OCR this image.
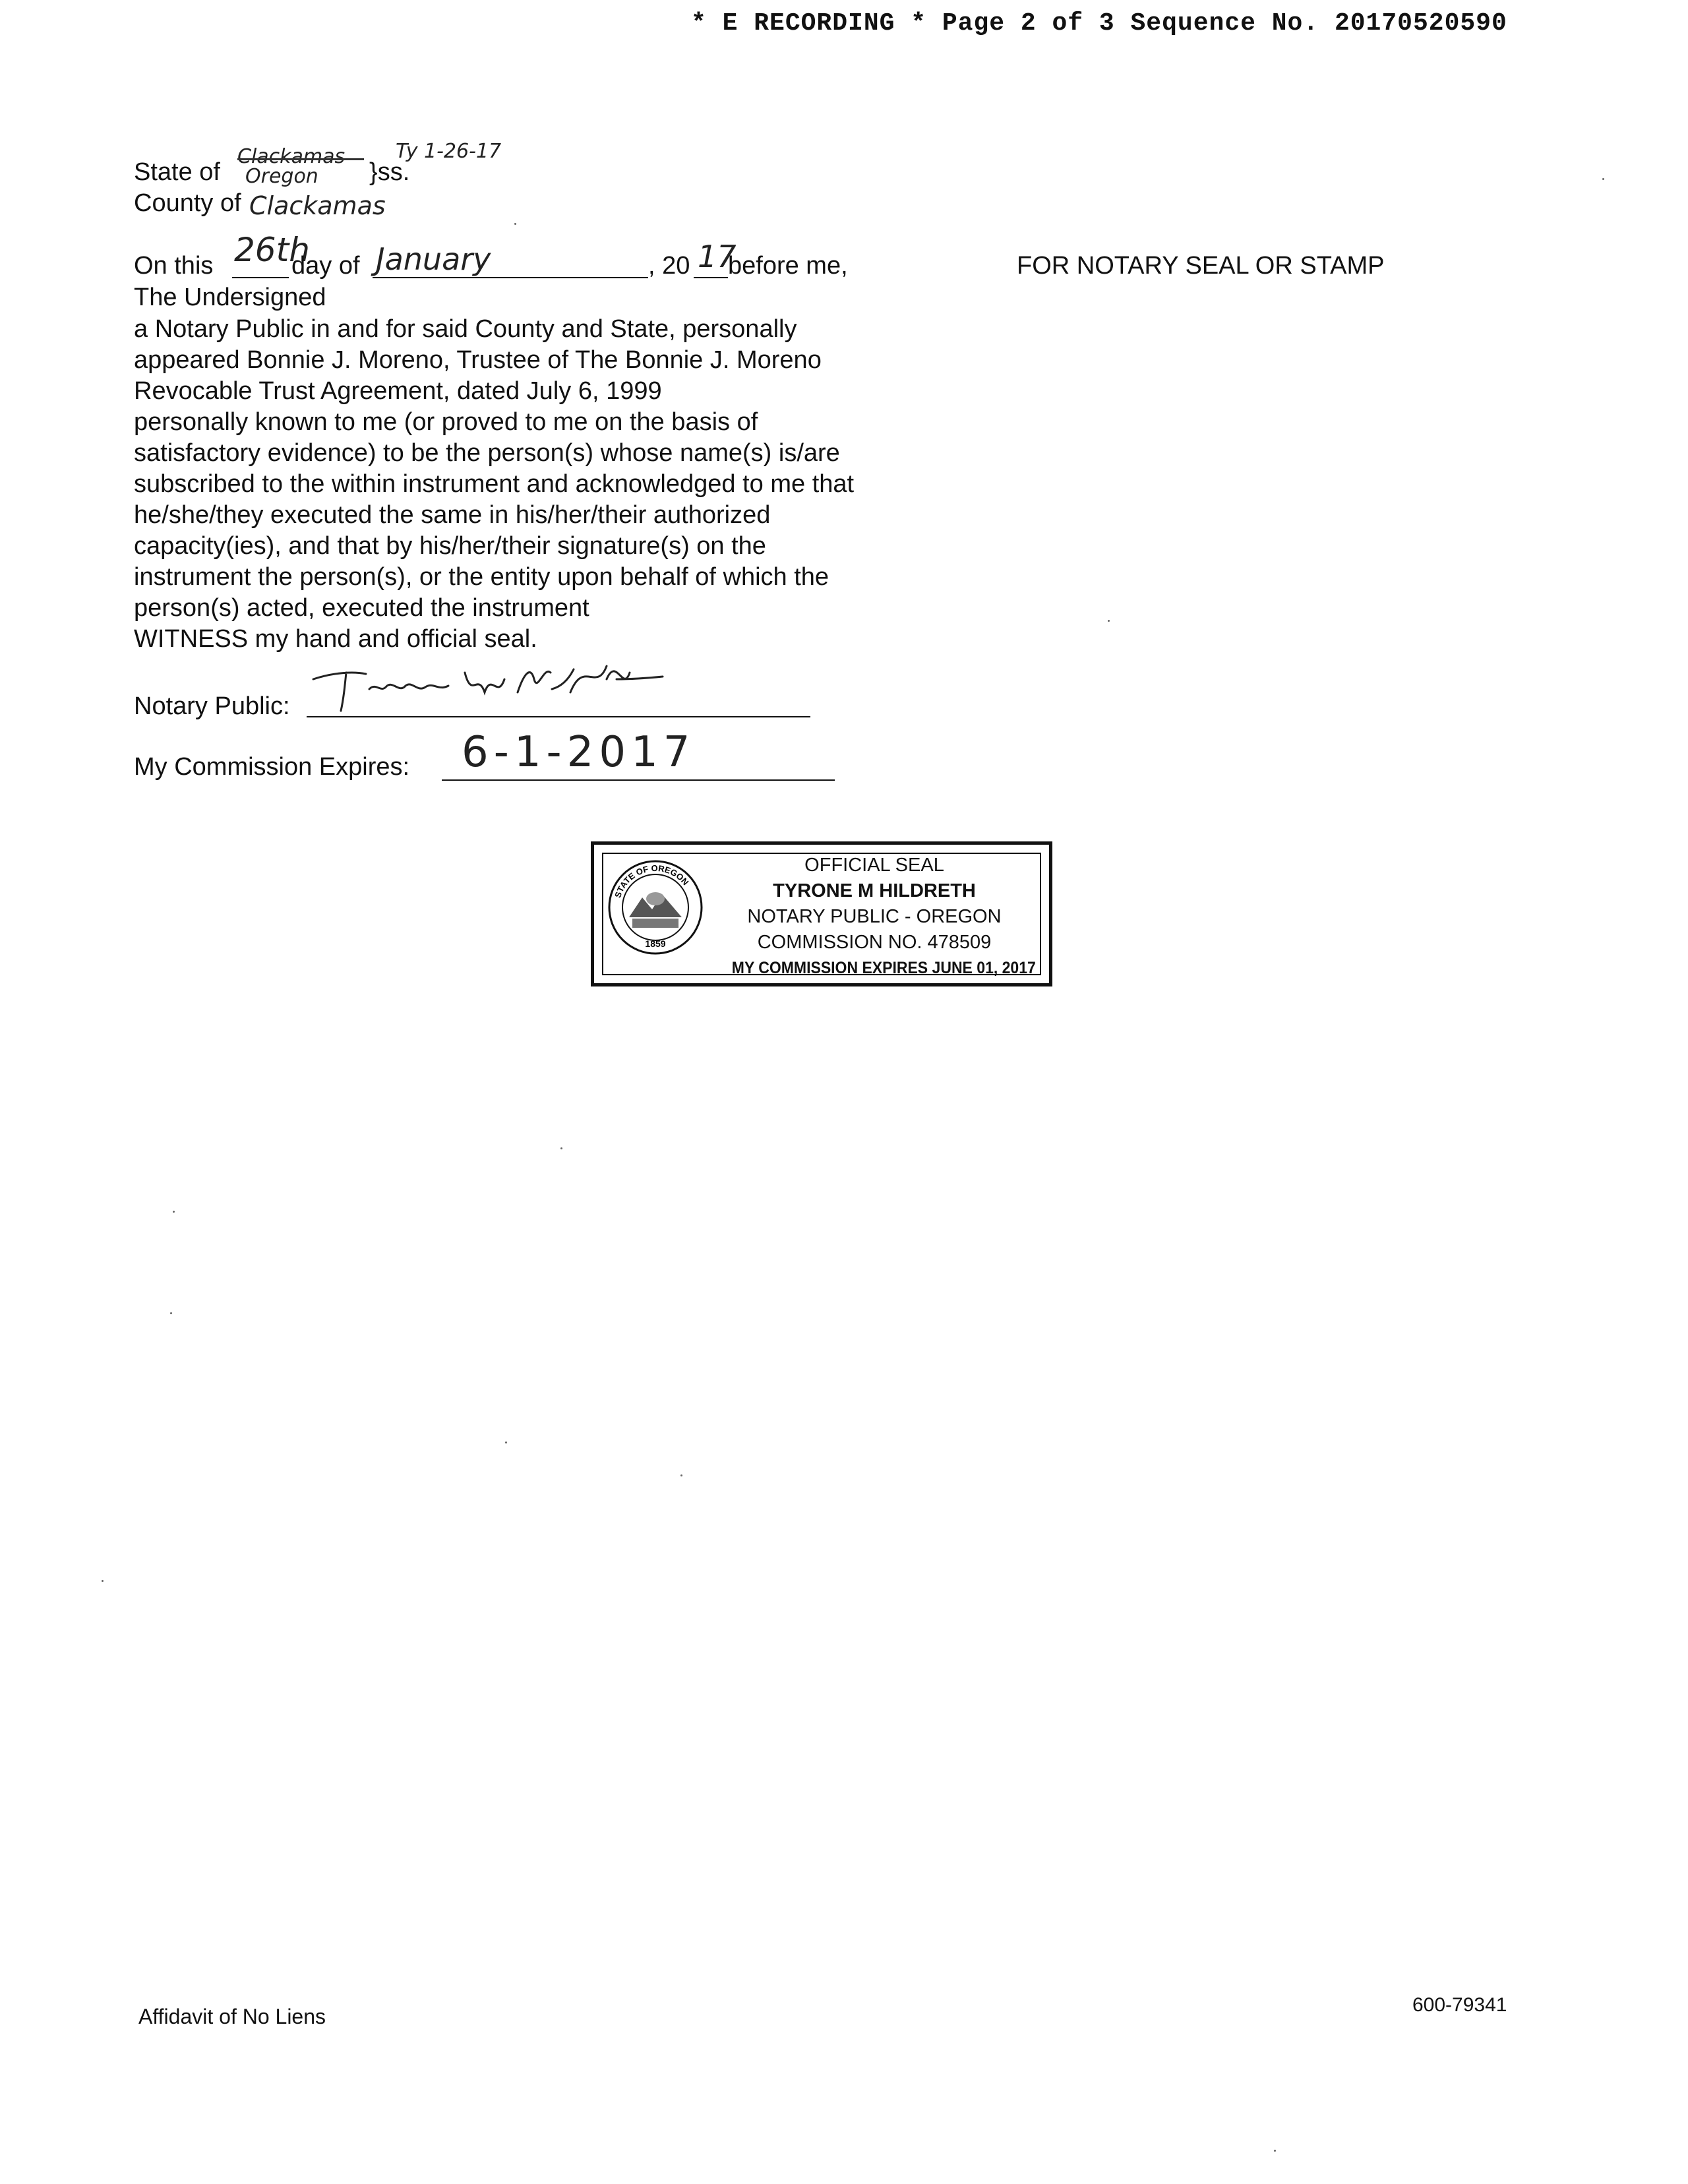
* E RECORDING * Page 2 of 3 Sequence No. 20170520590
State of
Clackamas
Oregon }ss.
Ty 1-26-17
County of Clackamas
On this 26th
day of January	, 20 17
before me,
The Undersigned

a Notary Public in and for said County and State, personally

appeared Bonnie J. Moreno, Trustee of The Bonnie J. Moreno

Revocable Trust Agreement, dated July 6, 1999

personally known to me (or proved to me on the basis of

satisfactory evidence) to be the person(s) whose name(s) is/are

subscribed to the within instrument and acknowledged to me that

he/she/they executed the same in his/her/their authorized

capacity(ies), and that by his/her/their signature(s) on the

instrument the person(s), or the entity upon behalf of which the

person(s) acted, executed the instrument

WITNESS my hand and official seal.

Notary Public:
Tyrone M Hildreth
My Commission Expires: 6-1-2017
FOR NOTARY SEAL OR STAMP
STATE OF OREGON
1859
OFFICIAL SEAL
TYRONE M HILDRETH
NOTARY PUBLIC - OREGON
COMMISSION NO. 478509
MY COMMISSION EXPIRES JUNE 01, 2017
Affidavit of No Liens	600-79341
